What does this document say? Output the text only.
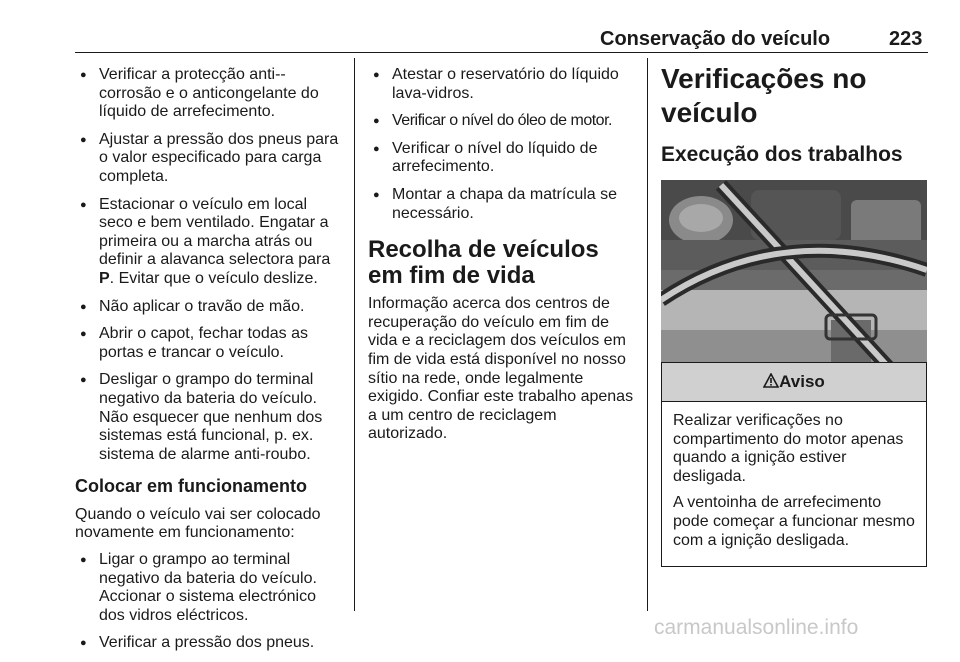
Conservação do veículo	223
● Verificar a protecção anti--corrosão e o anticongelante do líquido de arrefecimento.
● Ajustar a pressão dos pneus para o valor especificado para carga completa.
● Estacionar o veículo em local seco e bem ventilado. Engatar a primeira ou a marcha atrás ou definir a alavanca selectora para P. Evitar que o veículo deslize.
● Não aplicar o travão de mão.
● Abrir o capot, fechar todas as portas e trancar o veículo.
● Desligar o grampo do terminal negativo da bateria do veículo. Não esquecer que nenhum dos sistemas está funcional, p. ex. sistema de alarme anti-roubo.
Colocar em funcionamento

Quando o veículo vai ser colocado novamente em funcionamento:

● Ligar o grampo ao terminal negativo da bateria do veículo. Accionar o sistema electrónico dos vidros eléctricos.
● Verificar a pressão dos pneus.
● Atestar o reservatório do líquido lava-vidros.
● Verificar o nível do óleo de motor.
● Verificar o nível do líquido de arrefecimento.
● Montar a chapa da matrícula se necessário.
Recolha de veículos em fim de vida

Informação acerca dos centros de recuperação do veículo em fim de vida e a reciclagem dos veículos em fim de vida está disponível no nosso sítio na rede, onde legalmente exigido. Confiar este trabalho apenas a um centro de reciclagem autorizado.

Verificações no veículo
Execução dos trabalhos
Aviso

Realizar verificações no compartimento do motor apenas quando a ignição estiver desligada.

A ventoinha de arrefecimento pode começar a funcionar mesmo com a ignição desligada.

carmanualsonline.info
